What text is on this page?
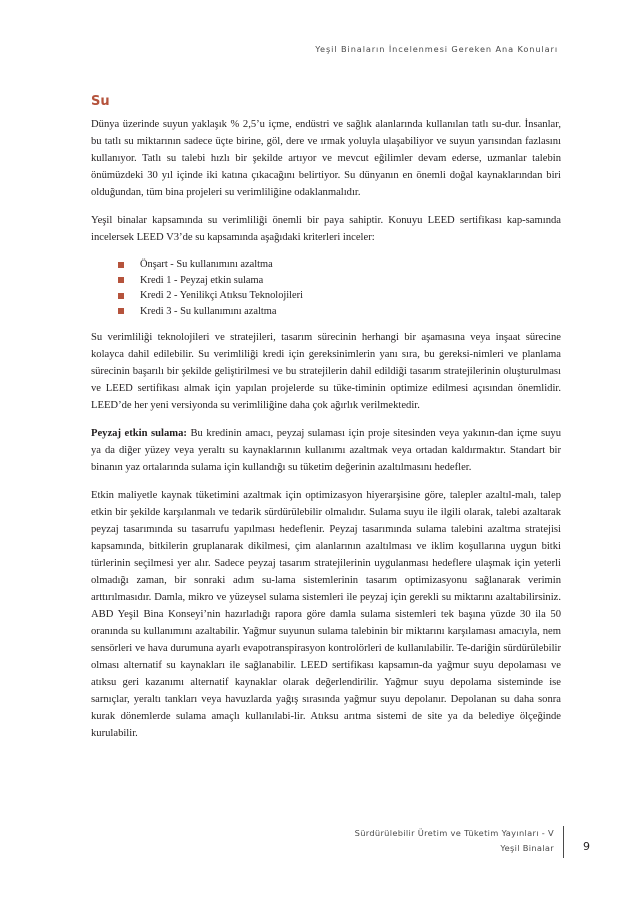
Yeşil Binaların İncelenmesi Gereken Ana Konuları
Su

Dünya üzerinde suyun yaklaşık % 2,5’u içme, endüstri ve sağlık alanlarında kullanılan tatlı su-dur. İnsanlar, bu tatlı su miktarının sadece üçte birine, göl, dere ve ırmak yoluyla ulaşabiliyor ve suyun yarısından fazlasını kullanıyor. Tatlı su talebi hızlı bir şekilde artıyor ve mevcut eğilimler devam ederse, uzmanlar talebin önümüzdeki 30 yıl içinde iki katına çıkacağını belirtiyor. Su dünyanın en önemli doğal kaynaklarından biri olduğundan, tüm bina projeleri su verimliliğine odaklanmalıdır.

Yeşil binalar kapsamında su verimliliği önemli bir paya sahiptir. Konuyu LEED sertifikası kap-samında incelersek LEED V3’de su kapsamında aşağıdaki kriterleri inceler:

Önşart - Su kullanımını azaltma
Kredi 1 - Peyzaj etkin sulama
Kredi 2 - Yenilikçi Atıksu Teknolojileri
Kredi 3 - Su kullanımını azaltma

Su verimliliği teknolojileri ve stratejileri, tasarım sürecinin herhangi bir aşamasına veya inşaat sürecine kolayca dahil edilebilir. Su verimliliği kredi için gereksinimlerin yanı sıra, bu gereksi-nimleri ve planlama sürecinin başarılı bir şekilde geliştirilmesi ve bu stratejilerin dahil edildiği tasarım stratejilerinin oluşturulması ve LEED sertifikası almak için yapılan projelerde su tüke-timinin optimize edilmesi açısından önemlidir. LEED’de her yeni versiyonda su verimliliğine daha çok ağırlık verilmektedir.

Peyzaj etkin sulama: Bu kredinin amacı, peyzaj sulaması için proje sitesinden veya yakının-dan içme suyu ya da diğer yüzey veya yeraltı su kaynaklarının kullanımı azaltmak veya ortadan kaldırmaktır. Standart bir binanın yaz ortalarında sulama için kullandığı su tüketim değerinin azaltılmasını hedefler.

Etkin maliyetle kaynak tüketimini azaltmak için optimizasyon hiyerarşisine göre, talepler azaltıl-malı, talep etkin bir şekilde karşılanmalı ve tedarik sürdürülebilir olmalıdır. Sulama suyu ile ilgili olarak, talebi azaltarak peyzaj tasarımında su tasarrufu yapılması hedeflenir. Peyzaj tasarımında sulama talebini azaltma stratejisi kapsamında, bitkilerin gruplanarak dikilmesi, çim alanlarının azaltılması ve iklim koşullarına uygun bitki türlerinin seçilmesi yer alır. Sadece peyzaj tasarım stratejilerinin uygulanması hedeflere ulaşmak için yeterli olmadığı zaman, bir sonraki adım su-lama sistemlerinin tasarım optimizasyonu sağlanarak verimin arttırılmasıdır. Damla, mikro ve yüzeysel sulama sistemleri ile peyzaj için gerekli su miktarını azaltabilirsiniz. ABD Yeşil Bina Konseyi’nin hazırladığı rapora göre damla sulama sistemleri tek başına yüzde 30 ila 50 oranında su kullanımını azaltabilir. Yağmur suyunun sulama talebinin bir miktarını karşılaması amacıyla, nem sensörleri ve hava durumuna ayarlı evapotranspirasyon kontrolörleri de kullanılabilir. Te-dariğin sürdürülebilir olması alternatif su kaynakları ile sağlanabilir. LEED sertifikası kapsamın-da yağmur suyu depolaması ve atıksu geri kazanımı alternatif kaynaklar olarak değerlendirilir. Yağmur suyu depolama sisteminde ise sarnıçlar, yeraltı tankları veya havuzlarda yağış sırasında yağmur suyu depolanır. Depolanan su daha sonra kurak dönemlerde sulama amaçlı kullanılabi-lir. Atıksu arıtma sistemi de site ya da belediye ölçeğinde kurulabilir.

Sürdürülebilir Üretim ve Tüketim Yayınları - V
Yeşil Binalar	9
